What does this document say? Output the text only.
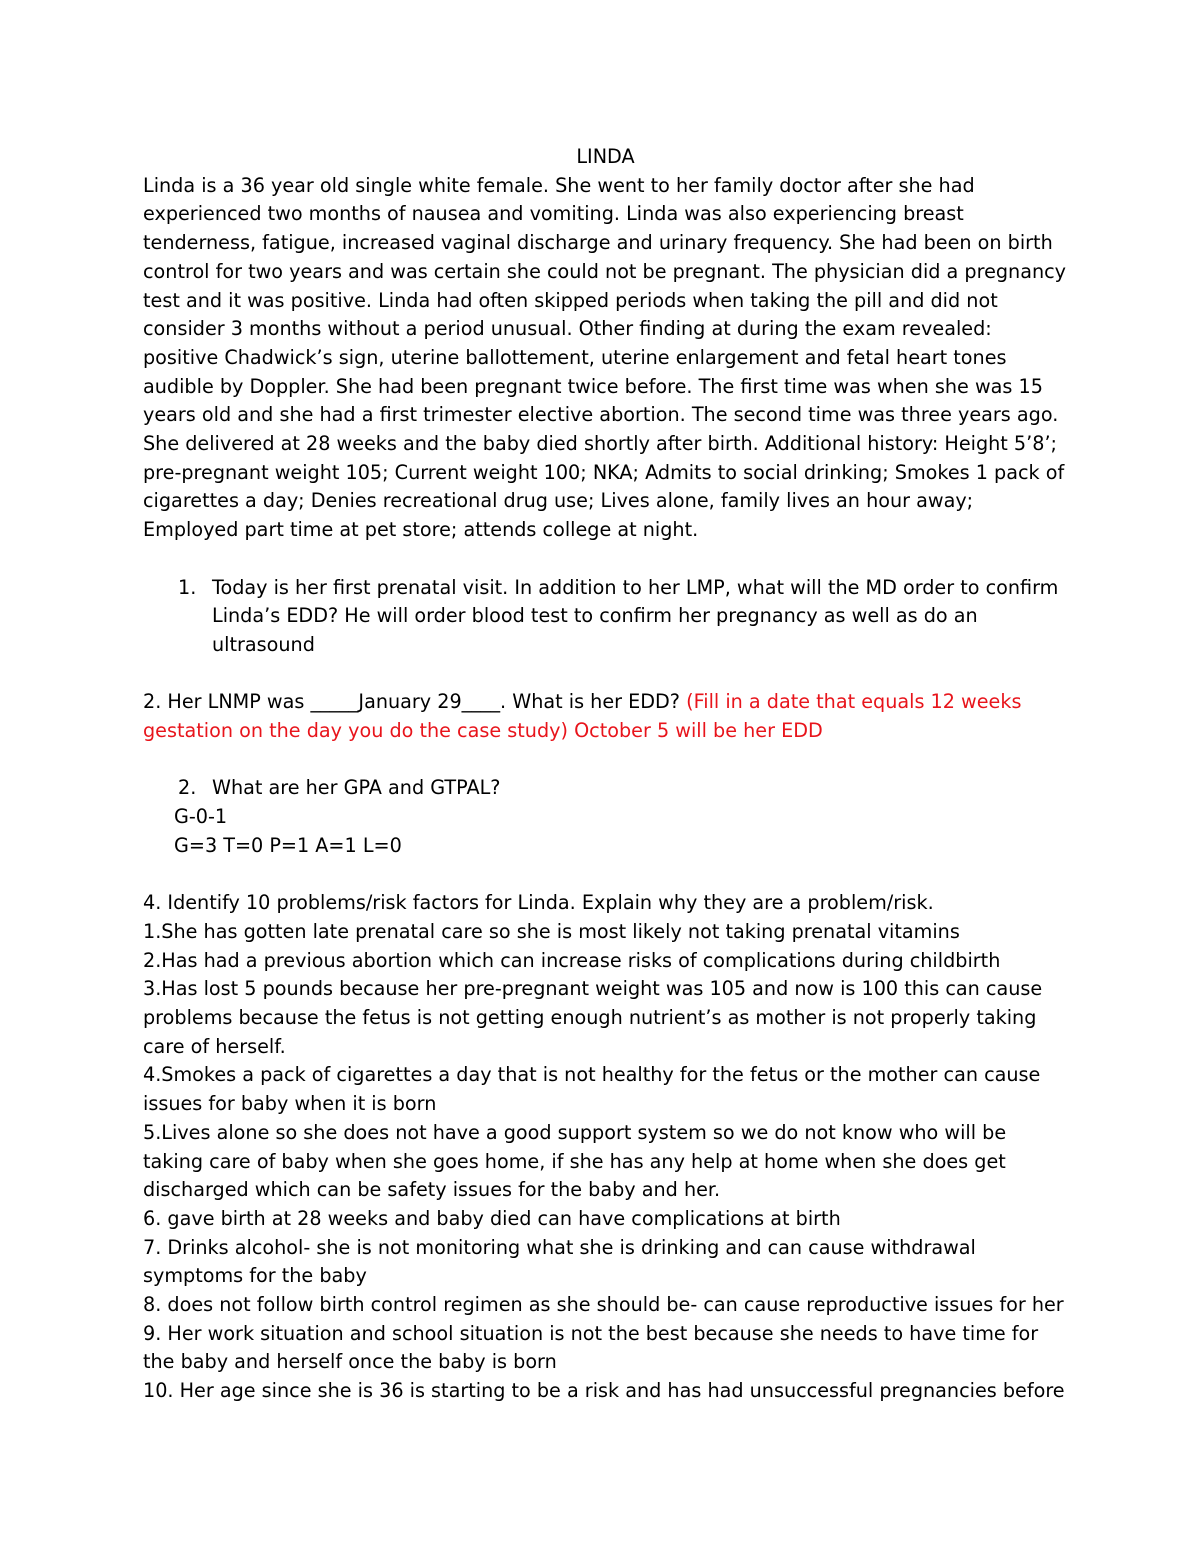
LINDA

Linda is a 36 year old single white female. She went to her family doctor after she had experienced two months of nausea and vomiting. Linda was also experiencing breast tenderness, fatigue, increased vaginal discharge and urinary frequency. She had been on birth control for two years and was certain she could not be pregnant. The physician did a pregnancy test and it was positive. Linda had often skipped periods when taking the pill and did not consider 3 months without a period unusual. Other finding at during the exam revealed: positive Chadwick’s sign, uterine ballottement, uterine enlargement and fetal heart tones audible by Doppler. She had been pregnant twice before. The first time was when she was 15 years old and she had a first trimester elective abortion. The second time was three years ago. She delivered at 28 weeks and the baby died shortly after birth. Additional history: Height 5’8’; pre-pregnant weight 105; Current weight 100; NKA; Admits to social drinking; Smokes 1 pack of cigarettes a day; Denies recreational drug use; Lives alone, family lives an hour away; Employed part time at pet store; attends college at night.

1. Today is her first prenatal visit. In addition to her LMP, what will the MD order to confirm Linda’s EDD? He will order blood test to confirm her pregnancy as well as do an ultrasound

2. Her LNMP was _____January 29____. What is her EDD? (Fill in a date that equals 12 weeks gestation on the day you do the case study) October 5 will be her EDD

2. What are her GPA and GTPAL?

G-0-1

G=3 T=0 P=1 A=1 L=0

4. Identify 10 problems/risk factors for Linda. Explain why they are a problem/risk.

1.She has gotten late prenatal care so she is most likely not taking prenatal vitamins

2.Has had a previous abortion which can increase risks of complications during childbirth

3.Has lost 5 pounds because her pre-pregnant weight was 105 and now is 100 this can cause problems because the fetus is not getting enough nutrient’s as mother is not properly taking care of herself.

4.Smokes a pack of cigarettes a day that is not healthy for the fetus or the mother can cause issues for baby when it is born

5.Lives alone so she does not have a good support system so we do not know who will be taking care of baby when she goes home, if she has any help at home when she does get discharged which can be safety issues for the baby and her.

6. gave birth at 28 weeks and baby died can have complications at birth

7. Drinks alcohol- she is not monitoring what she is drinking and can cause withdrawal symptoms for the baby

8. does not follow birth control regimen as she should be- can cause reproductive issues for her

9. Her work situation and school situation is not the best because she needs to have time for the baby and herself once the baby is born

10. Her age since she is 36 is starting to be a risk and has had unsuccessful pregnancies before
